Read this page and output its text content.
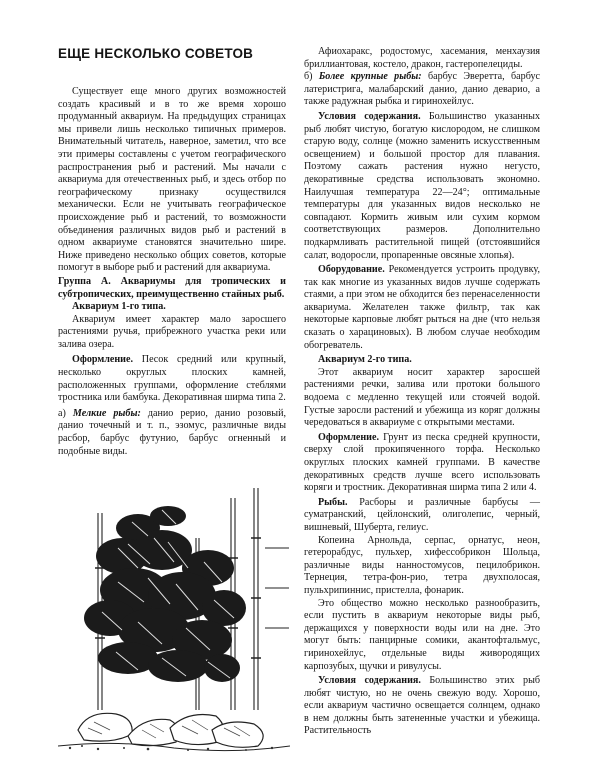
ЕЩЕ НЕСКОЛЬКО СОВЕТОВ
Существует еще много других возможностей создать красивый и в то же время хорошо продуманный аквариум. На предыдущих страницах мы привели лишь несколько типичных примеров. Внимательный читатель, наверное, заметил, что все эти примеры составлены с учетом географического распространения рыб и растений. Мы начали с аквариума для отечественных рыб, и здесь отбор по географическому признаку осуществился механически. Если не учитывать географическое происхождение рыб и растений, то возможности объединения различных видов рыб и растений в одном аквариуме становятся значительно шире. Ниже приведено несколько общих советов, которые помогут в выборе рыб и растений для аквариума.
Группа А. Аквариумы для тропических и субтропических, преимущественно стайных рыб.
Аквариум 1-го типа.
Аквариум имеет характер мало заросшего растениями ручья, прибрежного участка реки или залива озера.
Оформление. Песок средний или крупный, несколько округлых плоских камней, расположенных группами, оформление стеблями тростника или бамбука. Декоративная ширма типа 2.
а) Мелкие рыбы: данио рерио, данио розовый, данио точечный и т. п., эзомус, различные виды расбор, барбус футунио, барбус огненный и подобные виды.
Афиохаракс, родостомус, хасемания, менхаузия бриллиантовая, костело, дракон, гастеропелециды.
б) Более крупные рыбы: барбус Эверетта, барбус латеристрига, малабарский данио, данио деварио, а также радужная рыбка и гиринохейлус.
Условия содержания. Большинство указанных рыб любят чистую, богатую кислородом, не слишком старую воду, солнце (можно заменить искусственным освещением) и большой простор для плавания. Поэтому сажать растения нужно негусто, декоративные средства использовать экономно. Наилучшая температура 22—24°; оптимальные температуры для указанных видов несколько не совпадают. Кормить живым или сухим кормом соответствующих размеров. Дополнительно подкармливать растительной пищей (отстоявшийся салат, водоросли, пропаренные овсяные хлопья).
Оборудование. Рекомендуется устроить продувку, так как многие из указанных видов лучше содержать стаями, а при этом не обходится без перенаселенности аквариума. Желателен также фильтр, так как некоторые карповые любят рыться на дне (что нельзя сказать о харациновых). В любом случае необходим обогреватель.
Аквариум 2-го типа.
Этот аквариум носит характер заросшей растениями речки, залива или протоки большого водоема с медленно текущей или стоячей водой. Густые заросли растений и убежища из коряг должны чередоваться в аквариуме с открытыми местами.
Оформление. Грунт из песка средней крупности, сверху слой прокипяченного торфа. Несколько округлых плоских камней группами. В качестве декоративных средств лучше всего использовать коряги и тростник. Декоративная ширма типа 2 или 4.
Рыбы. Расборы и различные барбусы — суматранский, цейлонский, олиголепис, черный, вишневый, Шуберта, гелиус.
Копеина Арнольда, серпас, орнатус, неон, гетерорабдус, пульхер, хифессобрикон Шольца, различные виды нанностомусов, пецилобрикон. Тернеция, тетра-фон-рио, тетра двухполосая, пульхрипиннис, пристелла, фонарик.
Это общество можно несколько разнообразить, если пустить в аквариум некоторые виды рыб, держащихся у поверхности воды или на дне. Это могут быть: панцирные сомики, акантофтальмус, гиринохейлус, отдельные виды живородящих карпозубых, щучки и ривулусы.
Условия содержания. Большинство этих рыб любят чистую, но не очень свежую воду. Хорошо, если аквариум частично освещается солнцем, однако в нем должны быть затененные участки и убежища. Растительность
